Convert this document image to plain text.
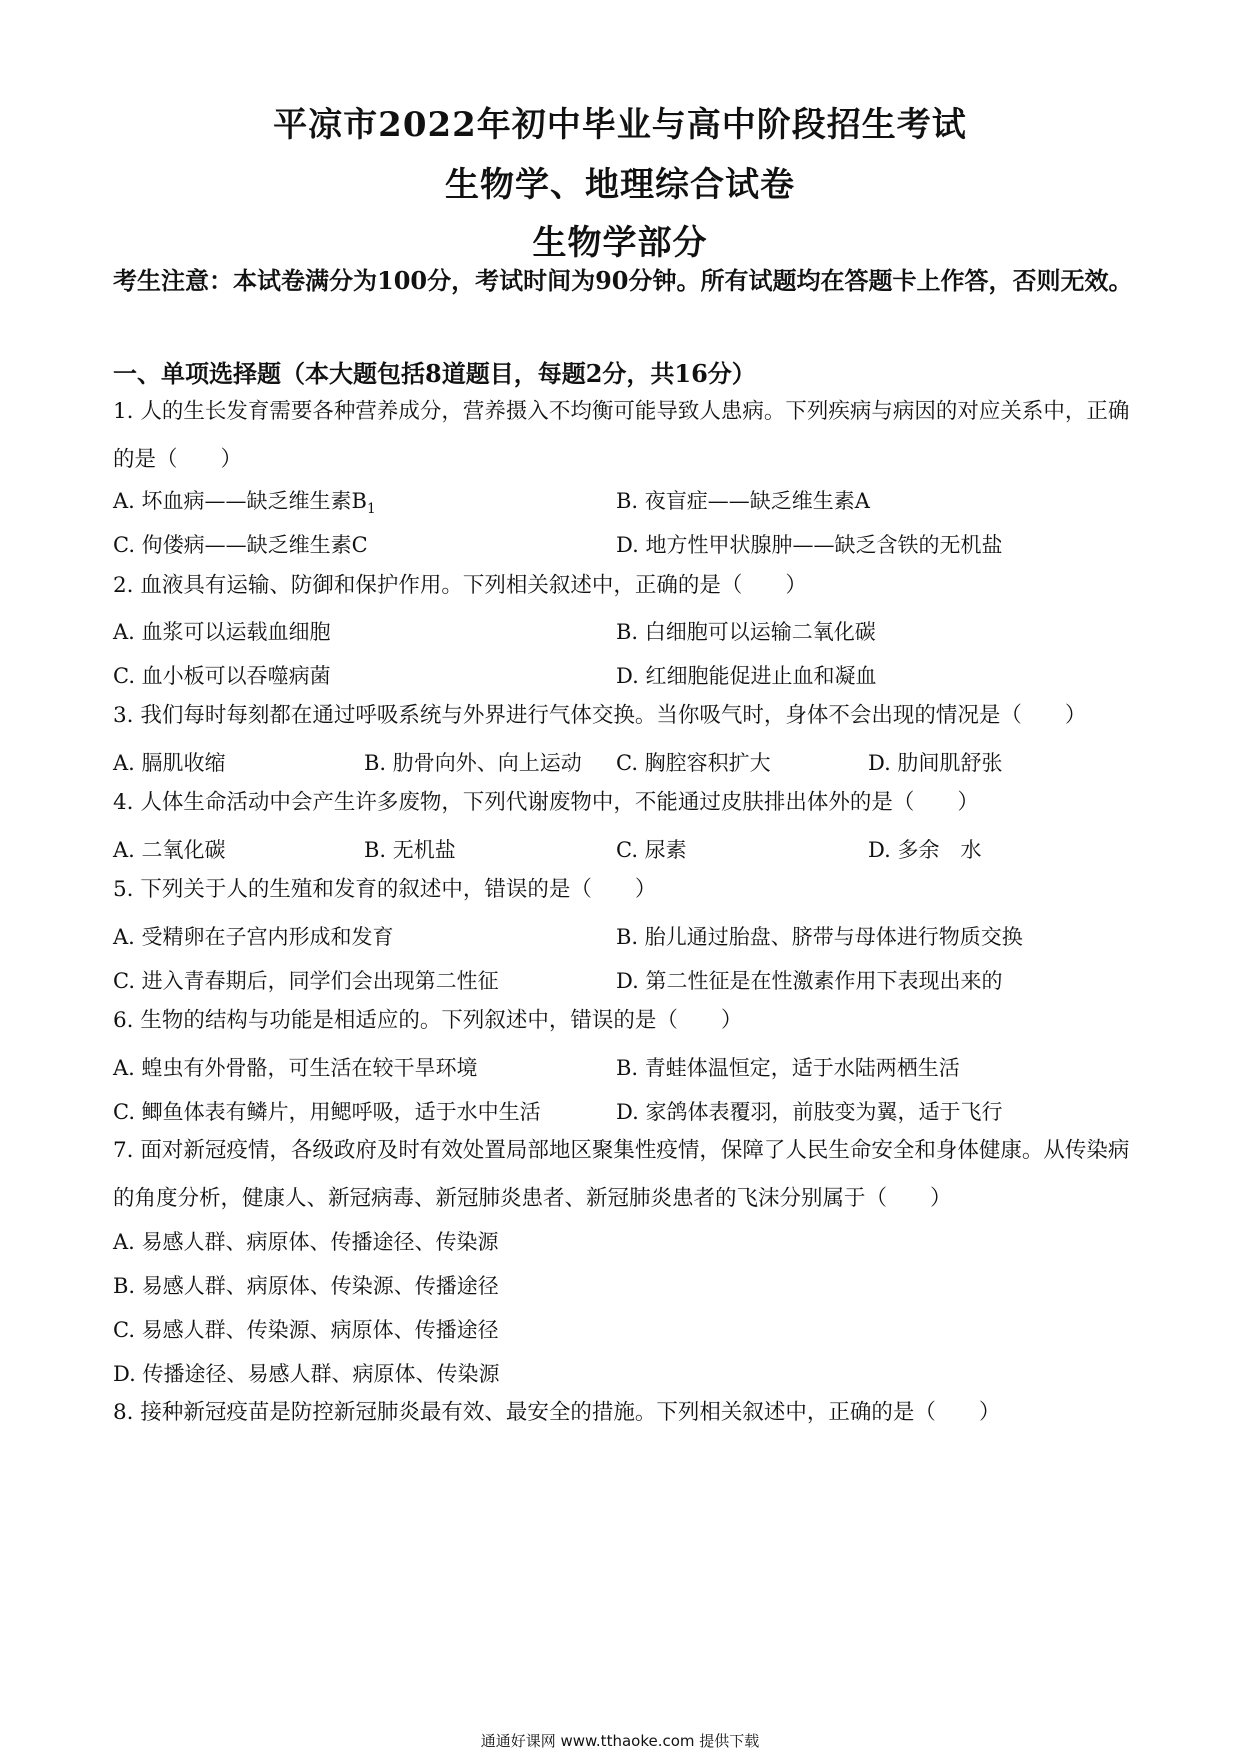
平凉市2022年初中毕业与高中阶段招生考试
生物学、地理综合试卷
生物学部分
考生注意：本试卷满分为100分，考试时间为90分钟。所有试题均在答题卡上作答，否则无效。
一、单项选择题（本大题包括8道题目，每题2分，共16分）
1. 人的生长发育需要各种营养成分，营养摄入不均衡可能导致人患病。下列疾病与病因的对应关系中，正确的是（　　）
A. 坏血病——缺乏维生素$B_1$	B. 夜盲症——缺乏维生素A
C. 佝偻病——缺乏维生素C	D. 地方性甲状腺肿——缺乏含铁的无机盐
2. 血液具有运输、防御和保护作用。下列相关叙述中，正确的是（　　）
A. 血浆可以运载血细胞	B. 白细胞可以运输二氧化碳
C. 血小板可以吞噬病菌	D. 红细胞能促进止血和凝血
3. 我们每时每刻都在通过呼吸系统与外界进行气体交换。当你吸气时，身体不会出现的情况是（　　）
A. 膈肌收缩	B. 肋骨向外、向上运动 C. 胸腔容积扩大	D. 肋间肌舒张
4. 人体生命活动中会产生许多废物，下列代谢废物中，不能通过皮肤排出体外的是（　　）
A. 二氧化碳	B. 无机盐	C. 尿素	D. 多余　水
5. 下列关于人的生殖和发育的叙述中，错误的是（　　）
A. 受精卵在子宫内形成和发育	B. 胎儿通过胎盘、脐带与母体进行物质交换
C. 进入青春期后，同学们会出现第二性征	D. 第二性征是在性激素作用下表现出来的
6. 生物的结构与功能是相适应的。下列叙述中，错误的是（　　）
A. 蝗虫有外骨骼，可生活在较干旱环境	B. 青蛙体温恒定，适于水陆两栖生活
C. 鲫鱼体表有鳞片，用鳃呼吸，适于水中生活	D. 家鸽体表覆羽，前肢变为翼，适于飞行
7. 面对新冠疫情，各级政府及时有效处置局部地区聚集性疫情，保障了人民生命安全和身体健康。从传染病的角度分析，健康人、新冠病毒、新冠肺炎患者、新冠肺炎患者的飞沫分别属于（　　）
A. 易感人群、病原体、传播途径、传染源
B. 易感人群、病原体、传染源、传播途径
C. 易感人群、传染源、病原体、传播途径
D. 传播途径、易感人群、病原体、传染源
8. 接种新冠疫苗是防控新冠肺炎最有效、最安全的措施。下列相关叙述中，正确的是（　　）
通通好课网 www.tthaoke.com 提供下载
